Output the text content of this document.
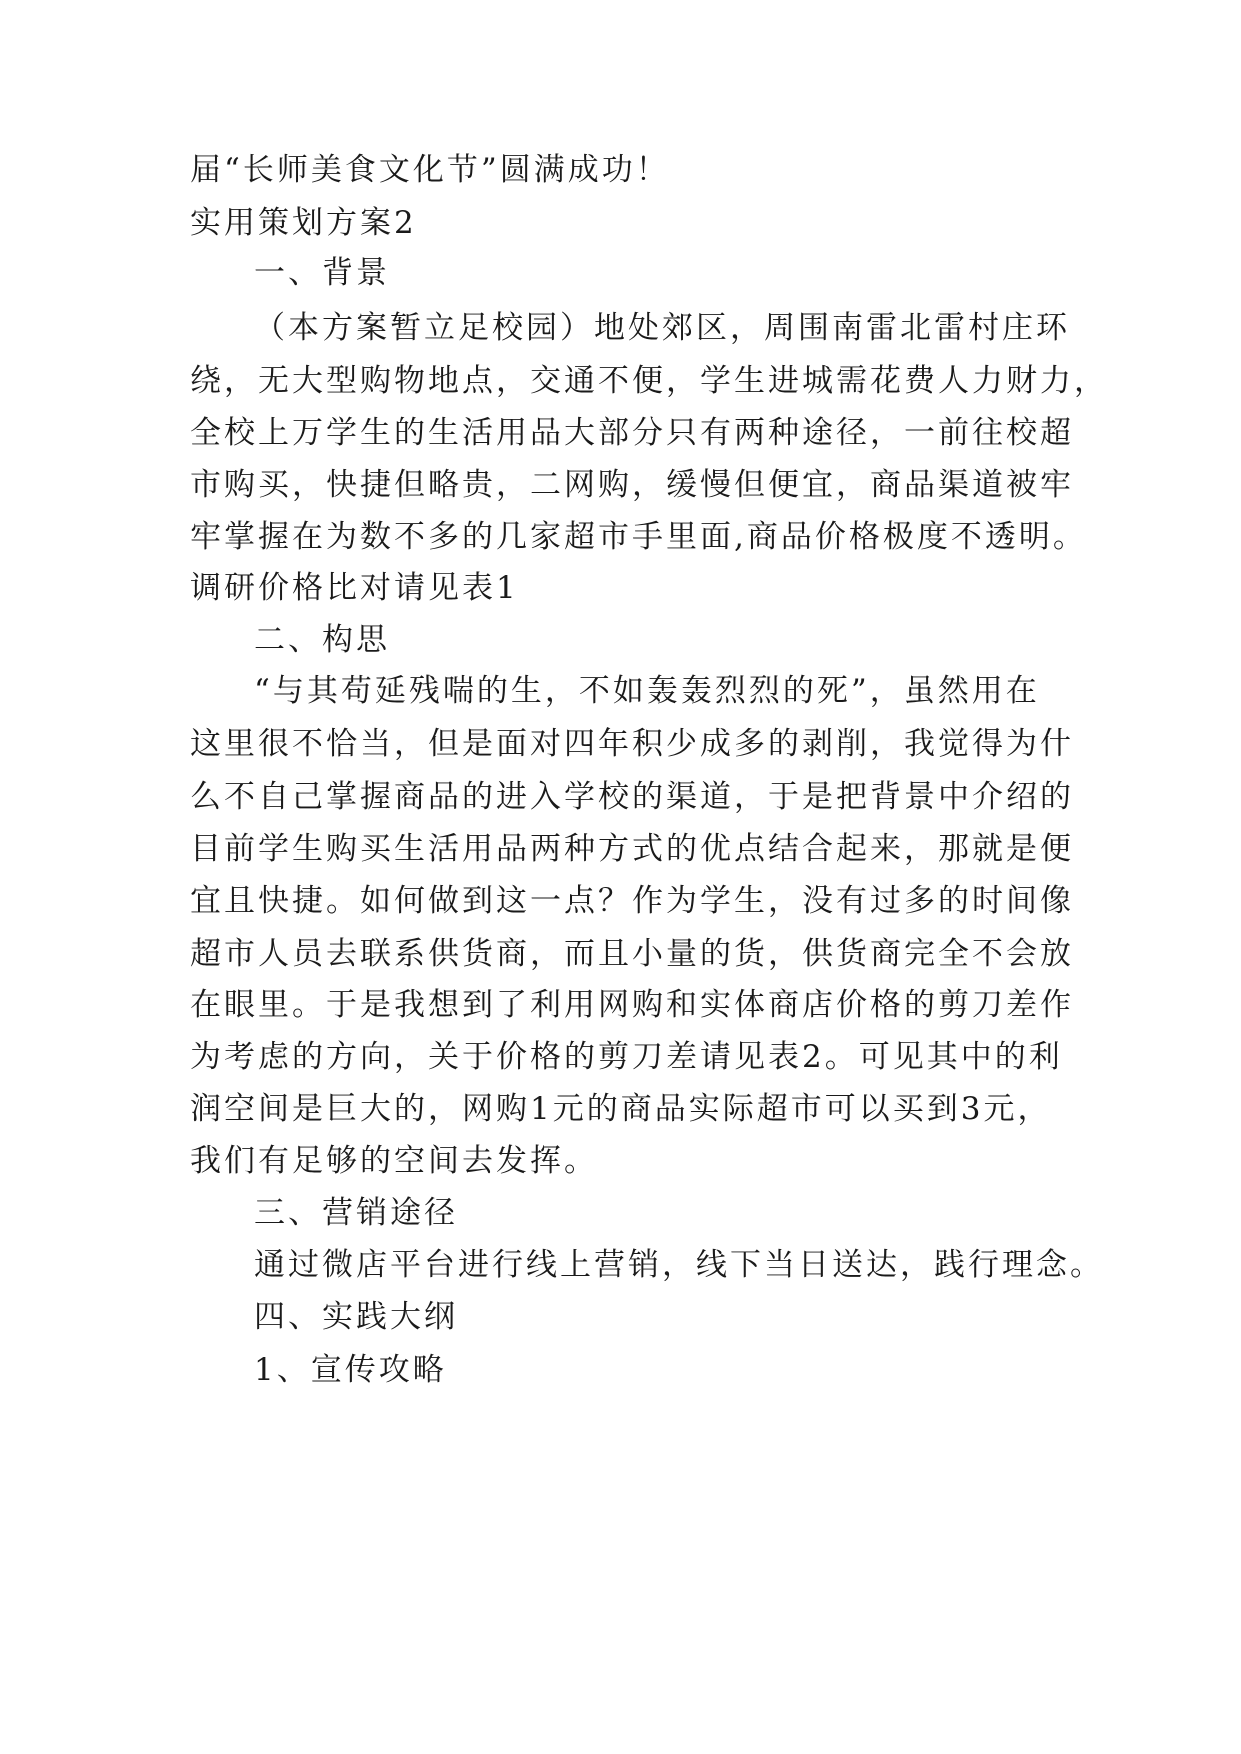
届“长师美食文化节”圆满成功！
实用策划方案2
一、背景
（本方案暂立足校园）地处郊区，周围南雷北雷村庄环
绕，无大型购物地点，交通不便，学生进城需花费人力财力，
全校上万学生的生活用品大部分只有两种途径，一前往校超
市购买，快捷但略贵，二网购，缓慢但便宜，商品渠道被牢
牢掌握在为数不多的几家超市手里面,商品价格极度不透明。
调研价格比对请见表1
二、构思
“与其苟延残喘的生，不如轰轰烈烈的死”，虽然用在
这里很不恰当，但是面对四年积少成多的剥削，我觉得为什
么不自己掌握商品的进入学校的渠道，于是把背景中介绍的
目前学生购买生活用品两种方式的优点结合起来，那就是便
宜且快捷。如何做到这一点？作为学生，没有过多的时间像
超市人员去联系供货商，而且小量的货，供货商完全不会放
在眼里。于是我想到了利用网购和实体商店价格的剪刀差作
为考虑的方向，关于价格的剪刀差请见表2。可见其中的利
润空间是巨大的，网购1元的商品实际超市可以买到3元，
我们有足够的空间去发挥。
三、营销途径
通过微店平台进行线上营销，线下当日送达，践行理念。
四、实践大纲
1、宣传攻略
